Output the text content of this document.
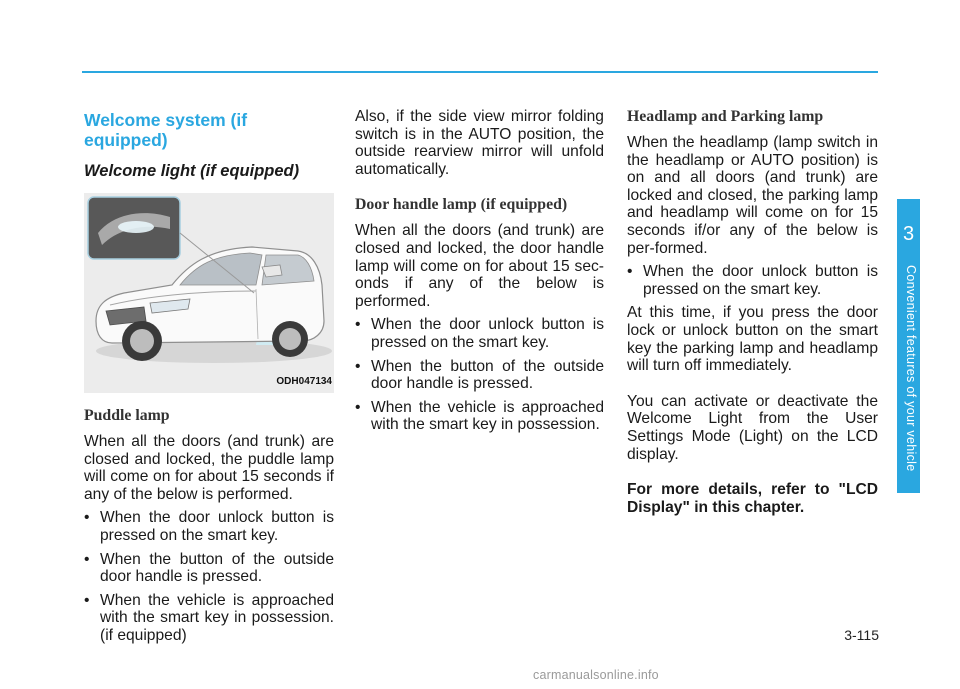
Welcome system (if equipped)
Welcome light (if equipped)
ODH047134
Puddle lamp

When all the doors (and trunk) are closed and locked, the puddle lamp will come on for about 15 seconds if any of the below is performed.

• When the door unlock button is pressed on the smart key.
• When the button of the outside door handle is pressed.
• When the vehicle is approached with the smart key in possession. (if equipped)

Also, if the side view mirror folding switch is in the AUTO position, the outside rearview mirror will unfold automatically.

Door handle lamp (if equipped)

When all the doors (and trunk) are closed and locked, the door handle lamp will come on for about 15 sec-onds if any of the below is performed.

• When the door unlock button is pressed on the smart key.
• When the button of the outside door handle is pressed.
• When the vehicle is approached with the smart key in possession.
Headlamp and Parking lamp

When the headlamp (lamp switch in the headlamp or AUTO position) is on and all doors (and trunk) are locked and closed, the parking lamp and headlamp will come on for 15 seconds if/or any of the below is per-formed.

• When the door unlock button is pressed on the smart key.

At this time, if you press the door lock or unlock button on the smart key the parking lamp and headlamp will turn off immediately.

You can activate or deactivate the Welcome Light from the User Settings Mode (Light) on the LCD display.

For more details, refer to "LCD Display" in this chapter.

3
Convenient features of your vehicle
3-115
carmanualsonline.info
